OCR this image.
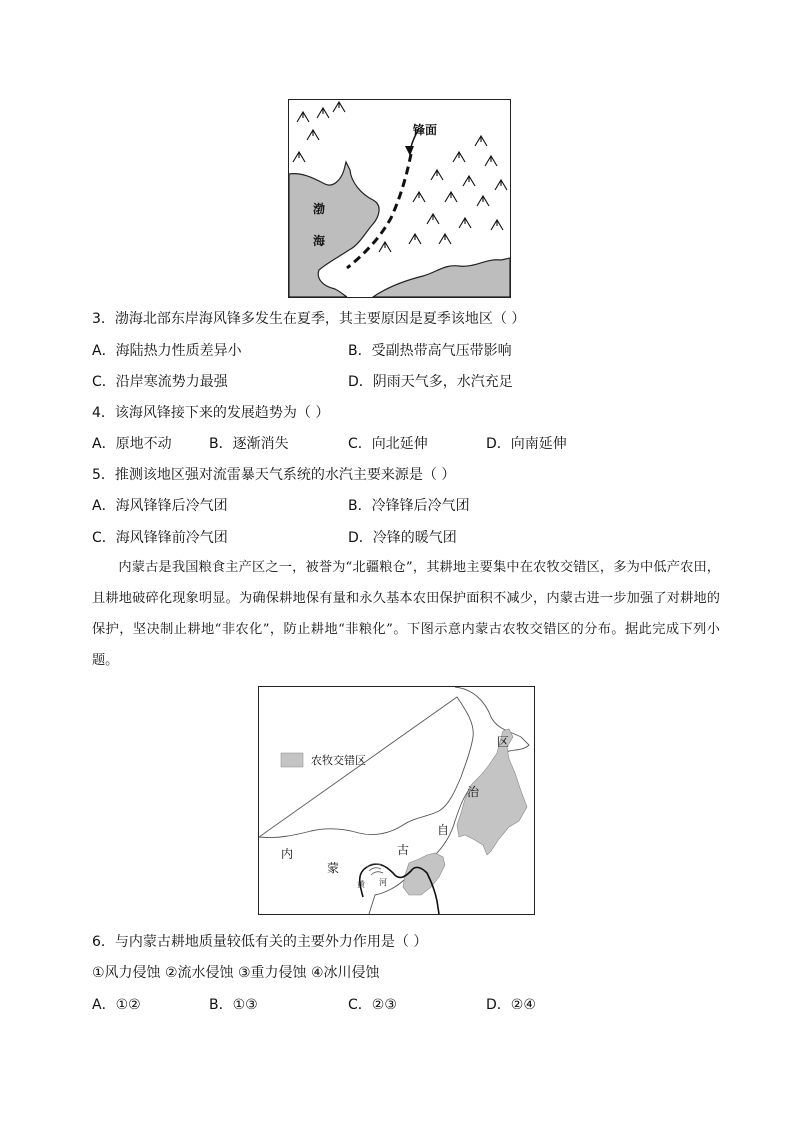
锋面
渤
海
3．渤海北部东岸海风锋多发生在夏季，其主要原因是夏季该地区（ ）
A．海陆热力性质差异小	B．受副热带高气压带影响
C．沿岸寒流势力最强	D．阴雨天气多，水汽充足
4．该海风锋接下来的发展趋势为（ ）
A．原地不动	B．逐渐消失	C．向北延伸	D．向南延伸
5．推测该地区强对流雷暴天气系统的水汽主要来源是（ ）
A．海风锋锋后冷气团	B．冷锋锋后冷气团
C．海风锋锋前冷气团	D．冷锋的暖气团
内蒙古是我国粮食主产区之一，被誉为“北疆粮仓”，其耕地主要集中在农牧交错区，多为中低产农田，且耕地破碎化现象明显。为确保耕地保有量和永久基本农田保护面积不减少，内蒙古进一步加强了对耕地的保护，坚决制止耕地“非农化”，防止耕地“非粮化”。下图示意内蒙古农牧交错区的分布。据此完成下列小题。
农牧交错区
内
蒙
古
自
治
区
黄 河
6．与内蒙古耕地质量较低有关的主要外力作用是（ ）
①风力侵蚀 ②流水侵蚀 ③重力侵蚀 ④冰川侵蚀
A．①②	B．①③	C．②③	D．②④
